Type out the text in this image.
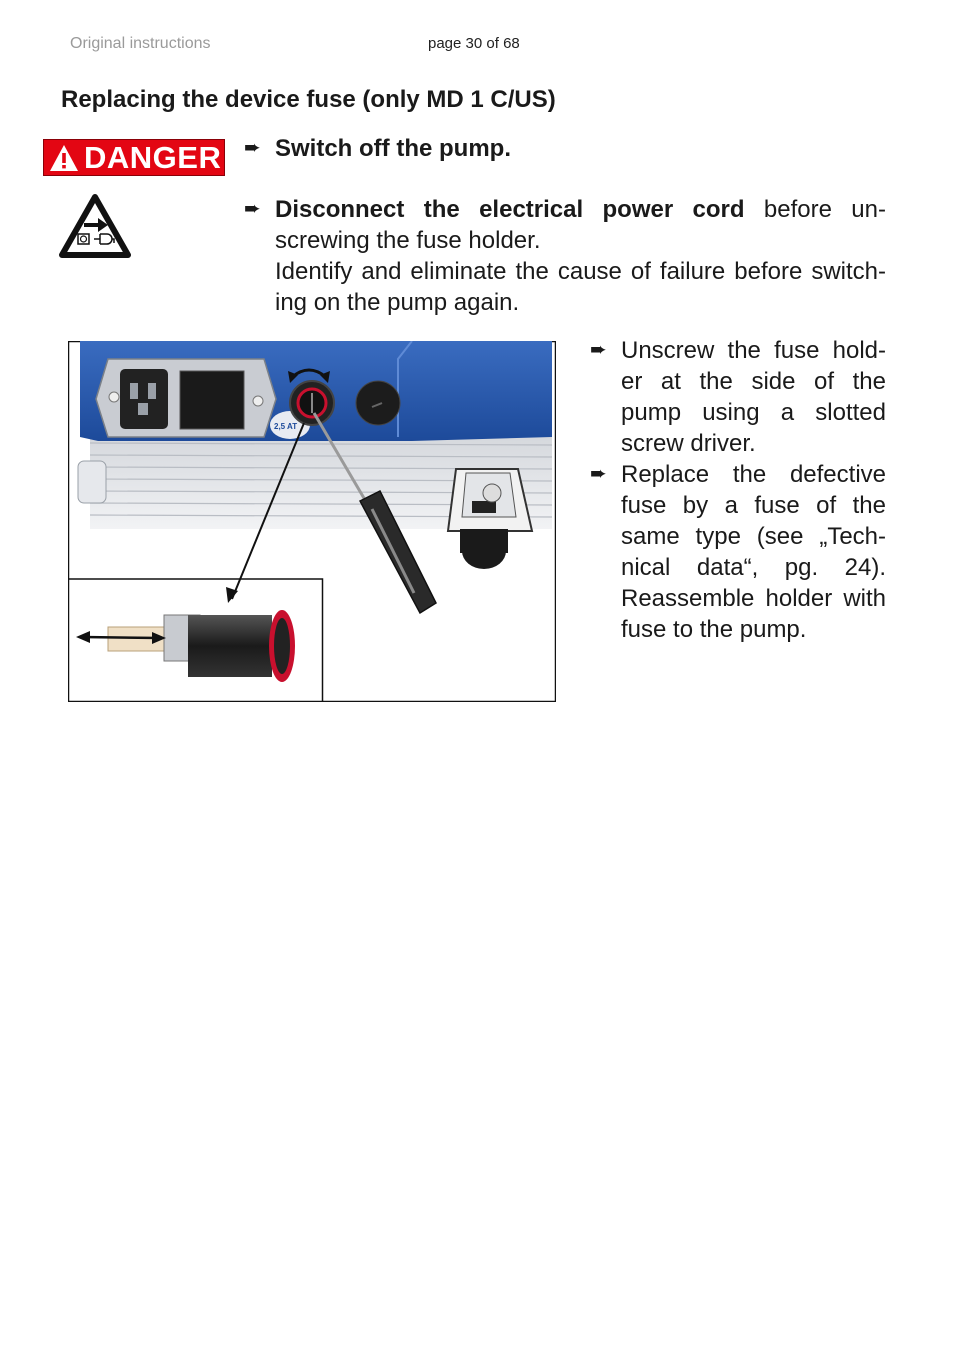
Original instructions	page 30 of 68
Replacing the device fuse (only MD 1 C/US)
DANGER ➨ Switch off the pump.
➨ Disconnect the electrical power cord before un-screwing the fuse holder.
Identify and eliminate the cause of failure before switch-ing on the pump again.
2,5 AT
➨ Unscrew the fuse hold-er at the side of the pump using a slotted screw driver.
➨ Replace the defective fuse by a fuse of the same type (see „Tech-nical data“, pg. 24). Reassemble holder with fuse to the pump.
